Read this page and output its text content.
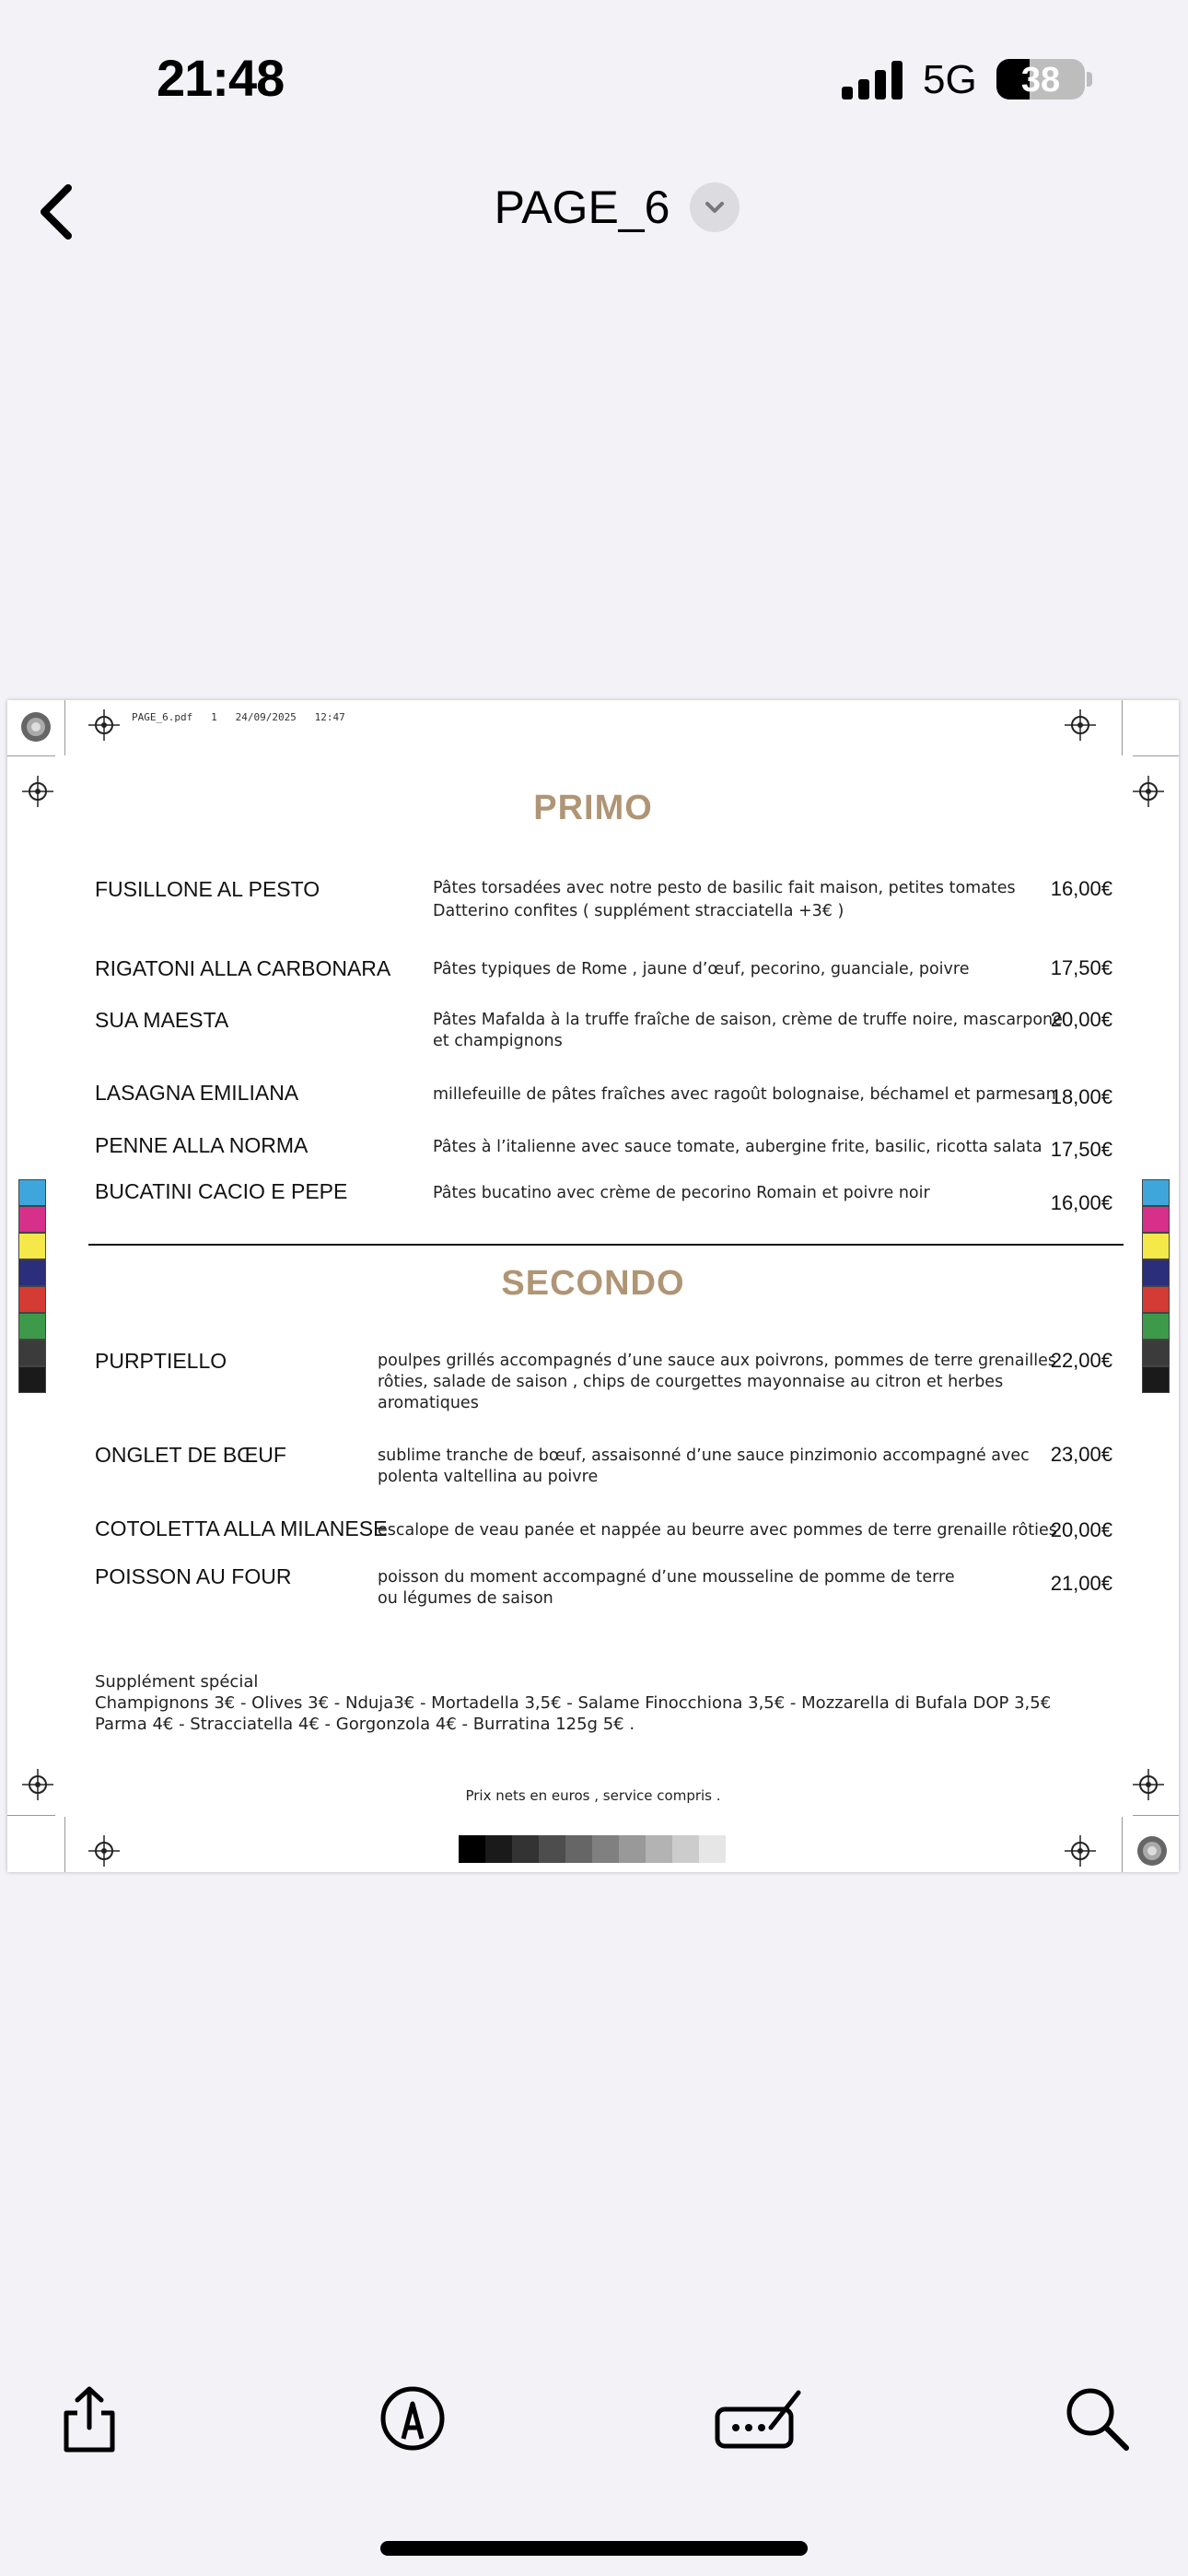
21:48	5G	38
PAGE_6
PAGE_6.pdf   1   24/09/2025   12:47
PRIMO
FUSILLONE AL PESTO	Pâtes torsadées avec notre pesto de basilic fait maison, petites tomates
Datterino confites ( supplément stracciatella +3€ )
16,00€
RIGATONI ALLA CARBONARA	Pâtes typiques de Rome , jaune d’œuf, pecorino, guanciale, poivre	17,50€
SUA MAESTA	Pâtes Mafalda à la truffe fraîche de saison, crème de truffe noire, mascarpone
et champignons
20,00€
LASAGNA EMILIANA	millefeuille de pâtes fraîches avec ragoût bolognaise, béchamel et parmesan
18,00€
PENNE ALLA NORMA	Pâtes à l’italienne avec sauce tomate, aubergine frite, basilic, ricotta salata 17,50€
BUCATINI CACIO E PEPE	Pâtes bucatino avec crème de pecorino Romain et poivre noir	16,00€
SECONDO
PURPTIELLO	poulpes grillés accompagnés d’une sauce aux poivrons, pommes de terre grenailles
rôties, salade de saison , chips de courgettes mayonnaise au citron et herbes
aromatiques
22,00€
ONGLET DE BŒUF	sublime tranche de bœuf, assaisonné d’une sauce pinzimonio accompagné avec
polenta valtellina au poivre
23,00€
COTOLETTA ALLA MILANESE
escalope de veau panée et nappée au beurre avec pommes de terre grenaille rôties
20,00€
POISSON AU FOUR	poisson du moment accompagné d’une mousseline de pomme de terre
ou légumes de saison
21,00€
Supplément spécial
Champignons 3€ - Olives 3€ - Nduja3€ - Mortadella 3,5€ - Salame Finocchiona 3,5€ - Mozzarella di Bufala DOP 3,5€
Parma 4€ - Stracciatella 4€ - Gorgonzola 4€ - Burratina 125g 5€ .
Prix nets en euros , service compris .
